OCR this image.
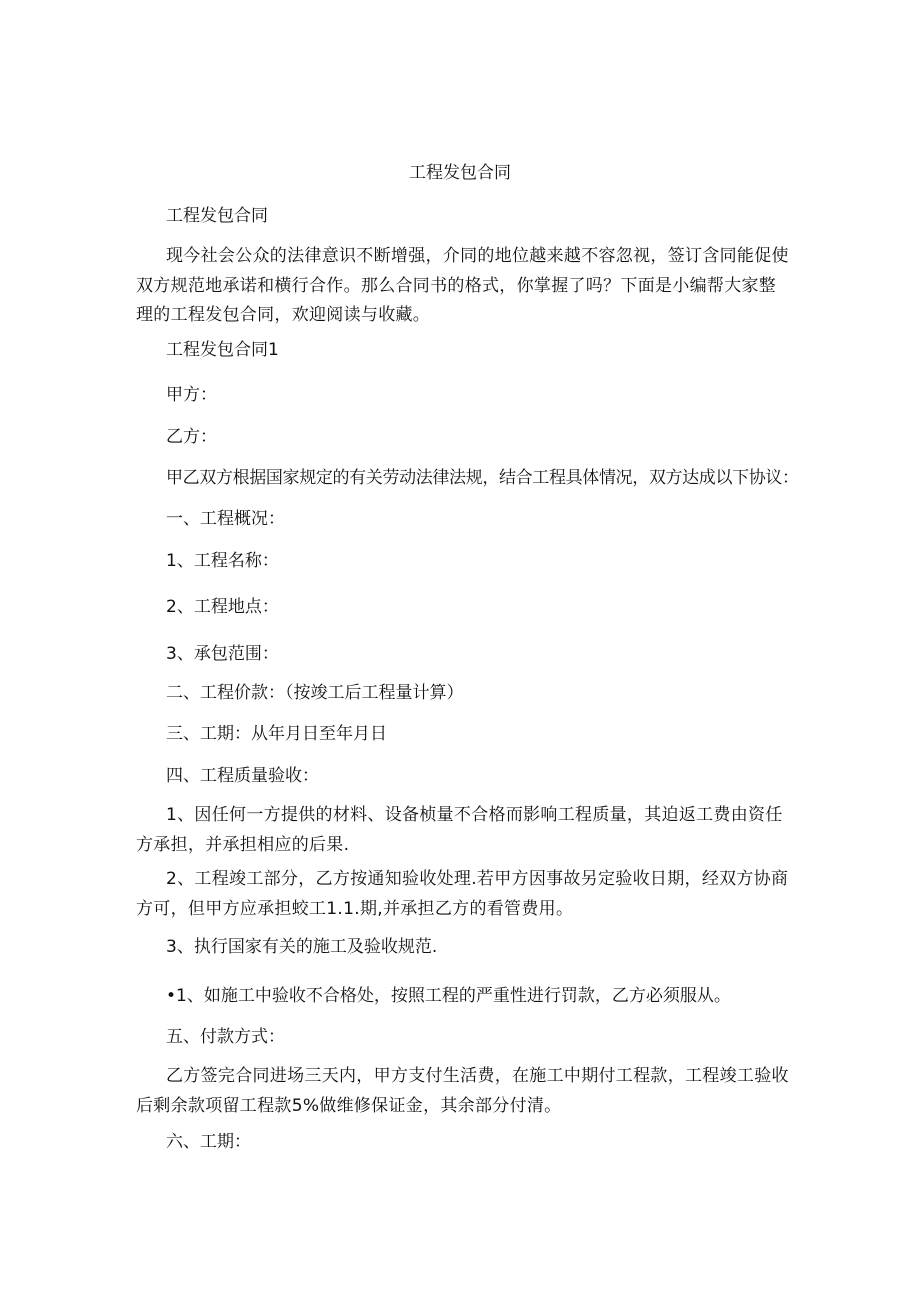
工程发包合同
工程发包合同
现今社会公众的法律意识不断增强，介同的地位越来越不容忽视，签订含同能促使双方规范地承诺和横行合作。那么合同书的格式，你掌握了吗？下面是小编帮大家整理的工程发包合同，欢迎阅读与收藏。
工程发包合同1
甲方：
乙方：
甲乙双方根据国家规定的有关劳动法律法规，结合工程具体情况，双方达成以下协议：
一、工程概况：
1、工程名称：
2、工程地点：
3、承包范围：
二、工程价款：（按竣工后工程量计算）
三、工期：从年月日至年月日
四、工程质量验收：
1、因任何一方提供的材料、设备桢量不合格而影响工程质量，其迫返工费由资任方承担，并承担相应的后果.
2、工程竣工部分，乙方按通知验收处理.若甲方因事故另定验收日期，经双方协商方可，但甲方应承担蛟工1.1.期,并承担乙方的看管费用。
3、执行国家有关的施工及验收规范.
•1、如施工中验收不合格处，按照工程的严重性进行罚款，乙方必须服从。
五、付款方式：
乙方签完合同进场三天内，甲方支付生活费，在施工中期付工程款，工程竣工验收后剩余款项留工程款5%做维修保证金，其余部分付清。
六、工期：
